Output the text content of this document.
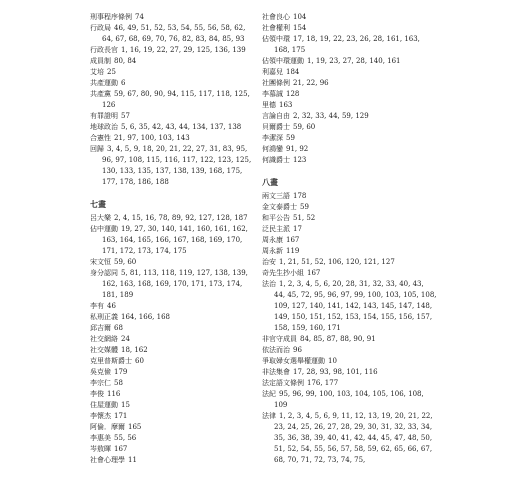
刑事程序條例 74
行政局 46, 49, 51, 52, 53, 54, 55, 56, 58, 62, 64, 67, 68, 69, 70, 76, 82, 83, 84, 85, 93
行政長官 1, 16, 19, 22, 27, 29, 125, 136, 139
成員制 80, 84
艾培 25
共產運動 6
共產黨 59, 67, 80, 90, 94, 115, 117, 118, 125, 126
有罪證明 57
地球政治 5, 6, 35, 42, 43, 44, 134, 137, 138
合憲性 21, 97, 100, 103, 143
回歸 3, 4, 5, 9, 18, 20, 21, 22, 27, 31, 83, 95, 96, 97, 108, 115, 116, 117, 122, 123, 125, 130, 133, 135, 137, 138, 139, 168, 175, 177, 178, 186, 188
七畫
呂大樂 2, 4, 15, 16, 78, 89, 92, 127, 128, 187
佔中運動 19, 27, 30, 140, 141, 160, 161, 162, 163, 164, 165, 166, 167, 168, 169, 170, 171, 172, 173, 174, 175
宋文恒 59, 60
身分認同 5, 81, 113, 118, 119, 127, 138, 139, 162, 163, 168, 169, 170, 171, 173, 174, 181, 189
李有 46
私刑正義 164, 166, 168
邱吉爾 68
社交網絡 24
社交媒體 18, 162
克里普斯爵士 60
吳克儉 179
李宗仁 58
李俊 116
住屋運動 15
李懷杰 171
阿倫．摩爾 165
李惠美 55, 56
岑敖暉 167
社會心理學 11
社會良心 104
社會權利 154
佔領中環 17, 18, 19, 22, 23, 26, 28, 161, 163, 168, 175
佔領中環運動 1, 19, 23, 27, 28, 140, 161
利嘉兒 184
社團條例 21, 22, 96
李慕誠 128
里德 163
言論自由 2, 32, 33, 44, 59, 129
貝爾爵士 59, 60
李潔深 59
何鴻鑾 91, 92
何識爵士 123
八畫
兩文三語 178
金文泰爵士 59
和平公告 51, 52
泛民主派 17
周永康 167
周永新 119
治安 1, 21, 51, 52, 106, 120, 121, 127
奇先生抄小組 167
法治 1, 2, 3, 4, 5, 6, 20, 28, 31, 32, 33, 40, 43, 44, 45, 72, 95, 96, 97, 99, 100, 103, 105, 108, 109, 127, 140, 141, 142, 143, 145, 147, 148, 149, 150, 151, 152, 153, 154, 155, 156, 157, 158, 159, 160, 171
非官守成員 84, 85, 87, 88, 90, 91
依法而治 96
爭取婦女選舉權運動 10
非法集會 17, 28, 93, 98, 101, 116
法定語文條例 176, 177
法紀 95, 96, 99, 100, 103, 104, 105, 106, 108, 109
法律 1, 2, 3, 4, 5, 6, 9, 11, 12, 13, 19, 20, 21, 22, 23, 24, 25, 26, 27, 28, 29, 30, 31, 32, 33, 34, 35, 36, 38, 39, 40, 41, 42, 44, 45, 47, 48, 50, 51, 52, 54, 55, 56, 57, 58, 59, 62, 65, 66, 67, 68, 70, 71, 72, 73, 74, 75,
